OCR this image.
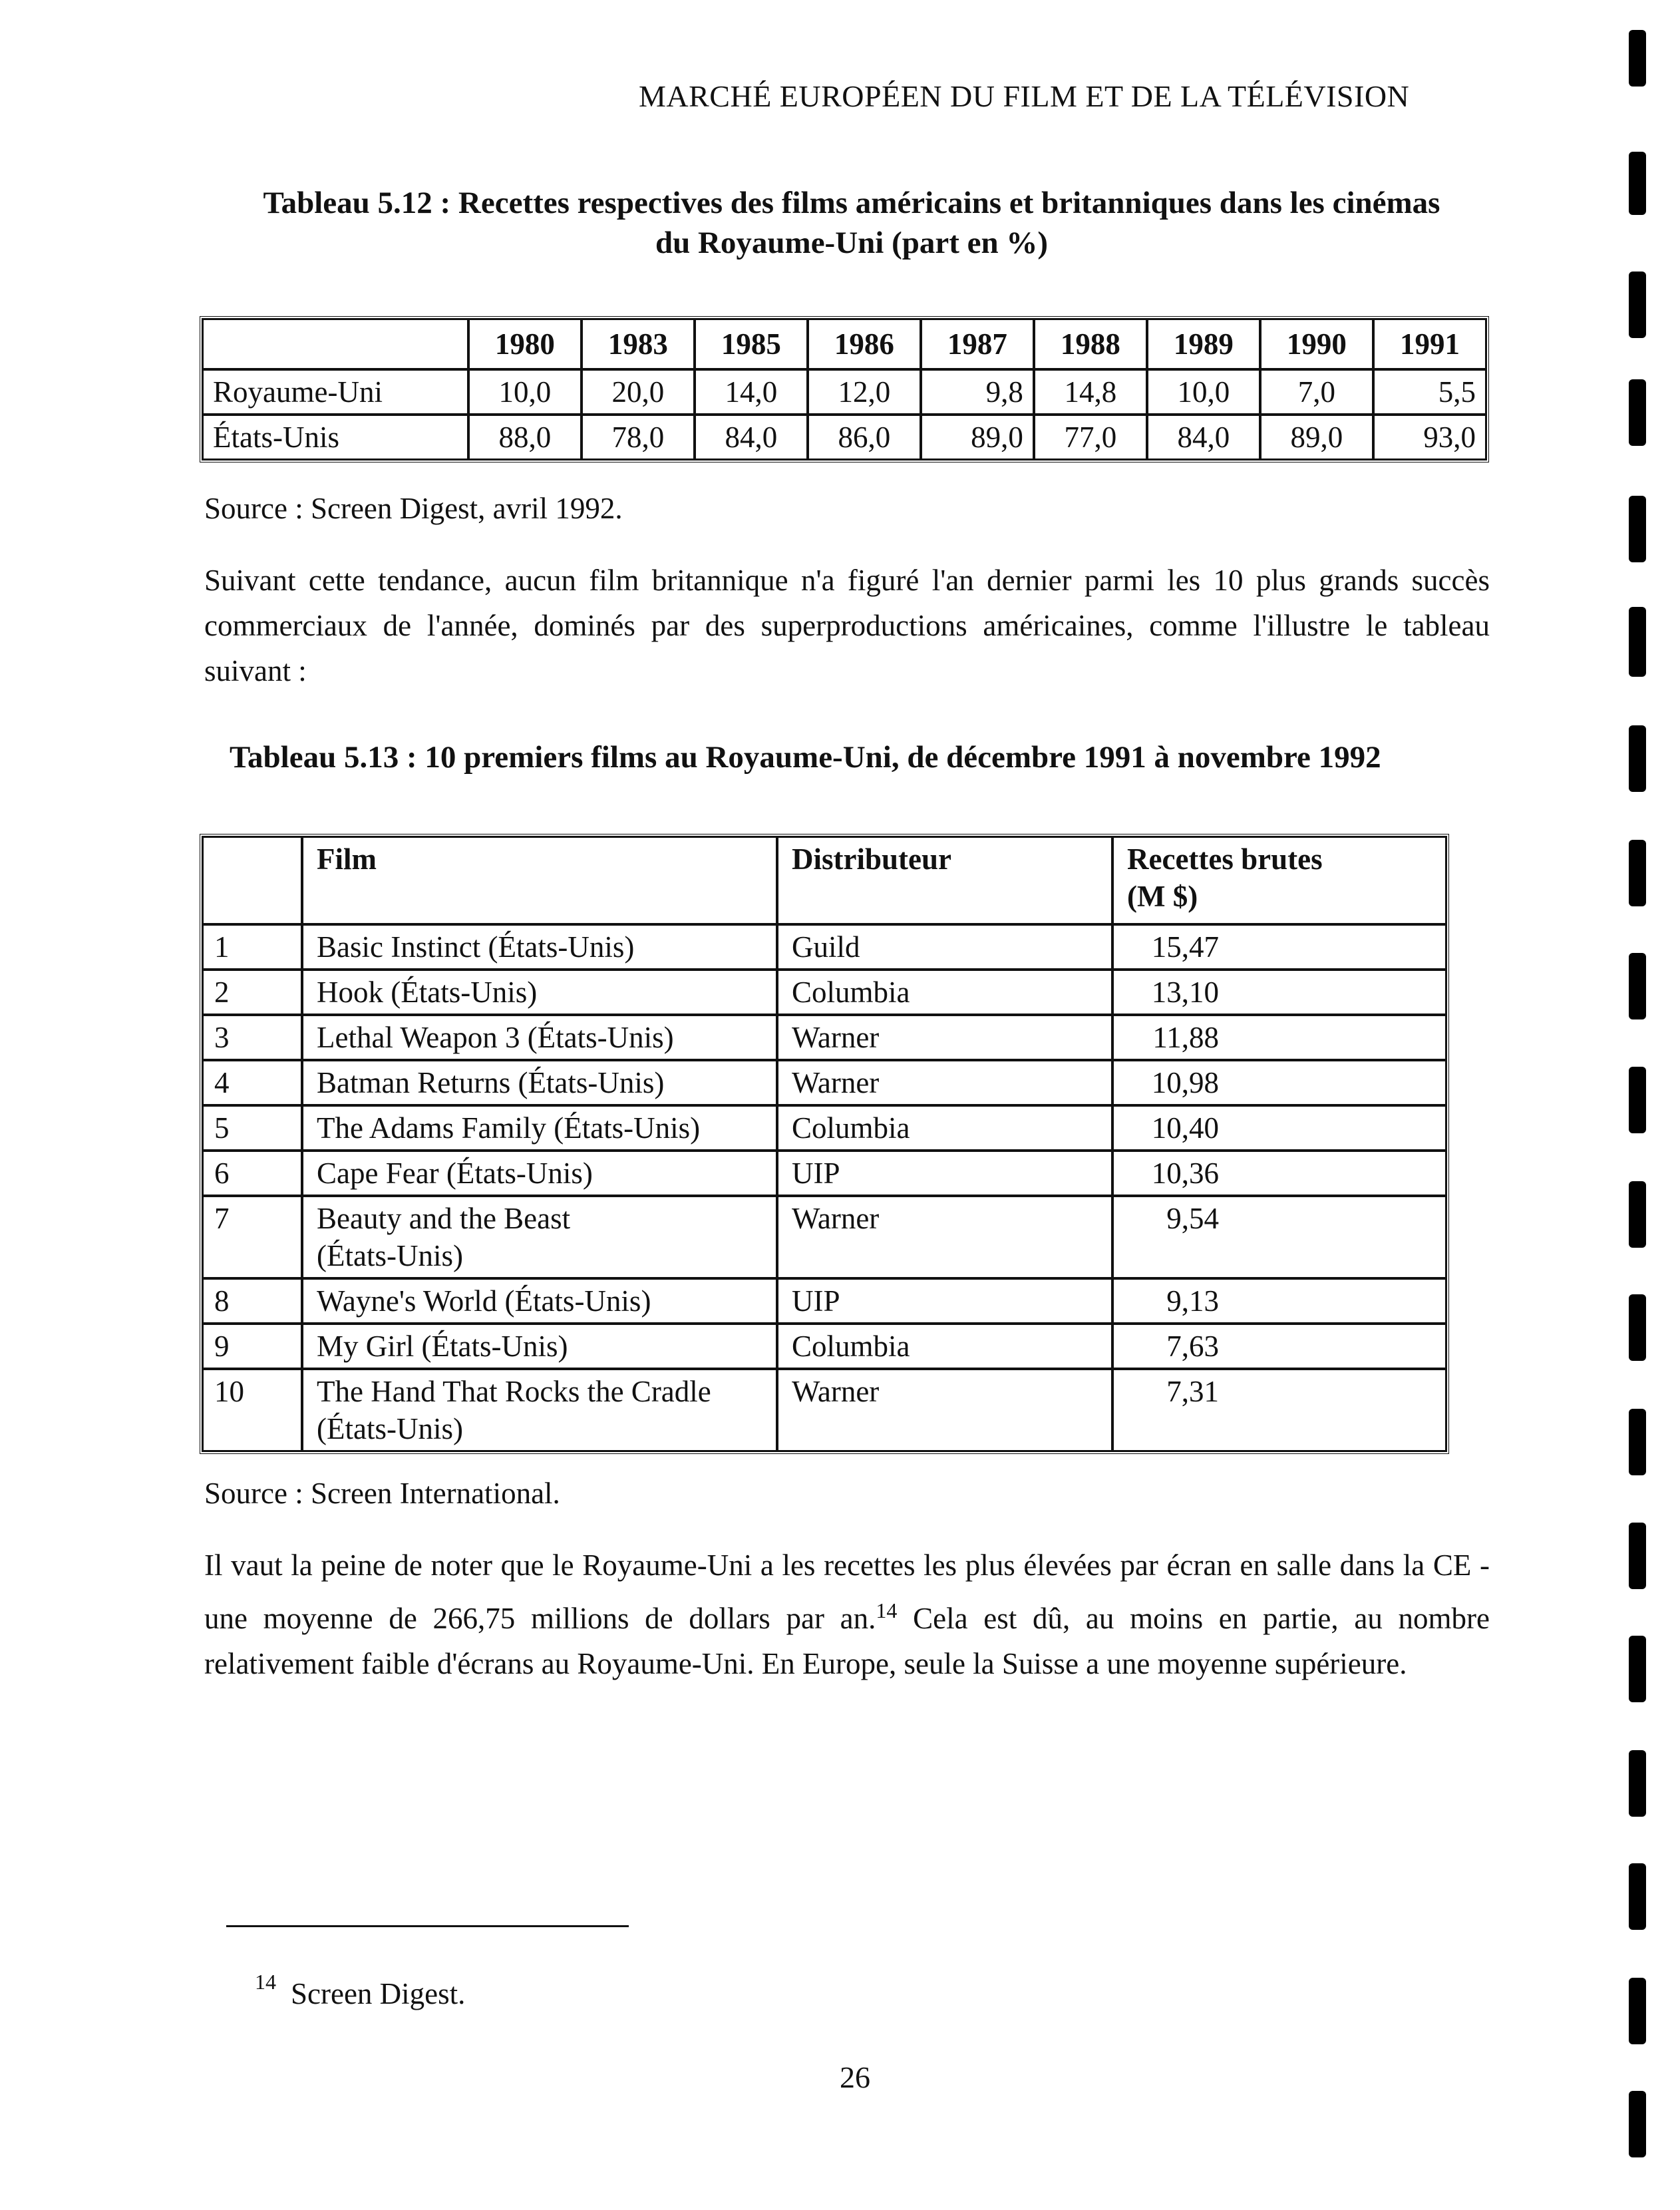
MARCHÉ EUROPÉEN DU FILM ET DE LA TÉLÉVISION
Tableau 5.12 : Recettes respectives des films américains et britanniques dans les cinémas
du Royaume-Uni (part en %)
	1980	1983	1985	1986	1987	1988	1989	1990	1991
Royaume-Uni	10,0	20,0	14,0	12,0	9,8	14,8	10,0	7,0	5,5
États-Unis	88,0	78,0	84,0	86,0	89,0	77,0	84,0	89,0	93,0
Source : Screen Digest, avril 1992.
Suivant cette tendance, aucun film britannique n'a figuré l'an dernier parmi les 10 plus grands succès commerciaux de l'année, dominés par des superproductions américaines, comme l'illustre le tableau suivant :
Tableau 5.13 : 10 premiers films au Royaume-Uni, de décembre 1991 à novembre 1992
	Film	Distributeur	Recettes brutes
(M $)

1	Basic Instinct (États-Unis)	Guild	15,47
2	Hook (États-Unis)	Columbia	13,10
3	Lethal Weapon 3 (États-Unis)	Warner	11,88
4	Batman Returns (États-Unis)	Warner	10,98
5	The Adams Family (États-Unis)	Columbia	10,40
6	Cape Fear (États-Unis)	UIP	10,36
7	Beauty and the Beast
(États-Unis)	Warner	9,54
8	Wayne's World (États-Unis)	UIP	9,13
9	My Girl (États-Unis)	Columbia	7,63
10	The Hand That Rocks the Cradle
(États-Unis)	Warner	7,31
Source : Screen International.
Il vaut la peine de noter que le Royaume-Uni a les recettes les plus élevées par écran en salle dans la CE - une moyenne de 266,75 millions de dollars par an.$^{14}$ Cela est dû, au moins en partie, au nombre relativement faible d'écrans au Royaume-Uni. En Europe, seule la Suisse a une moyenne supérieure.
$^{14}$ Screen Digest.
26
